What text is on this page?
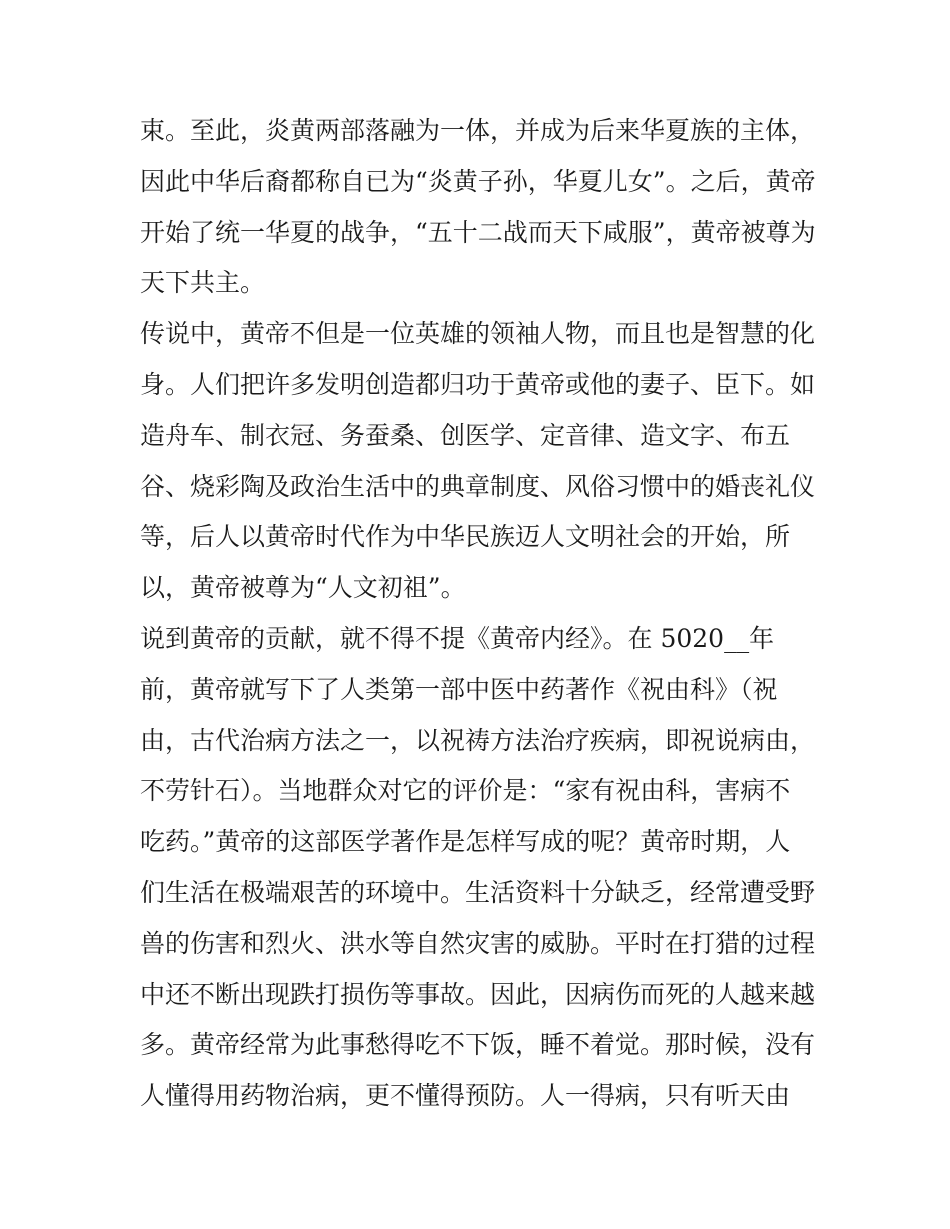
束。至此，炎黄两部落融为一体，并成为后来华夏族的主体，
因此中华后裔都称自已为“炎黄子孙，华夏儿女”。之后，黄帝
开始了统一华夏的战争，“五十二战而天下咸服”，黄帝被尊为
天下共主。
传说中，黄帝不但是一位英雄的领袖人物，而且也是智慧的化
身。人们把许多发明创造都归功于黄帝或他的妻子、臣下。如
造舟车、制衣冠、务蚕桑、创医学、定音律、造文字、布五
谷、烧彩陶及政治生活中的典章制度、风俗习惯中的婚丧礼仪
等，后人以黄帝时代作为中华民族迈人文明社会的开始，所
以，黄帝被尊为“人文初祖”。
说到黄帝的贡献，就不得不提《黄帝内经》。在 5020__年
前，黄帝就写下了人类第一部中医中药著作《祝由科》（祝
由，古代治病方法之一，以祝祷方法治疗疾病，即祝说病由，
不劳针石）。当地群众对它的评价是：“家有祝由科，害病不
吃药。”黄帝的这部医学著作是怎样写成的呢？黄帝时期，人
们生活在极端艰苦的环境中。生活资料十分缺乏，经常遭受野
兽的伤害和烈火、洪水等自然灾害的威胁。平时在打猎的过程
中还不断出现跌打损伤等事故。因此，因病伤而死的人越来越
多。黄帝经常为此事愁得吃不下饭，睡不着觉。那时候，没有
人懂得用药物治病，更不懂得预防。人一得病，只有听天由
